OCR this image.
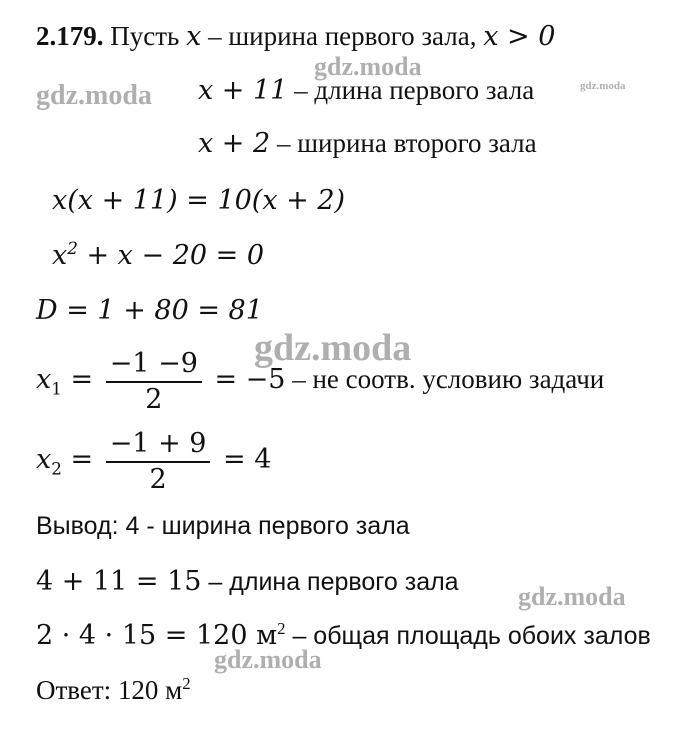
gdz.moda
gdz.moda	gdz.moda
gdz.moda
gdz.moda
gdz.moda
2.179. Пусть x – ширина первого зала, x > 0
x + 11 – длина первого зала
x + 2 – ширина второго зала
x(x + 11) = 10(x + 2)
$x^2 + x - 20 = 0$
D = 1 + 80 = 81
$x_1 = \frac{-1 -9}{2} = -5$ – не соотв. условию задачи
$x_2 = \frac{-1 + 9}{2} = 4$
Вывод: 4 - ширина первого зала
4 + 11 = 15 – длина первого зала
2 · 4 · 15 = 120 $м^2$ – общая площадь обоих залов
Ответ: 120 $м^2$
